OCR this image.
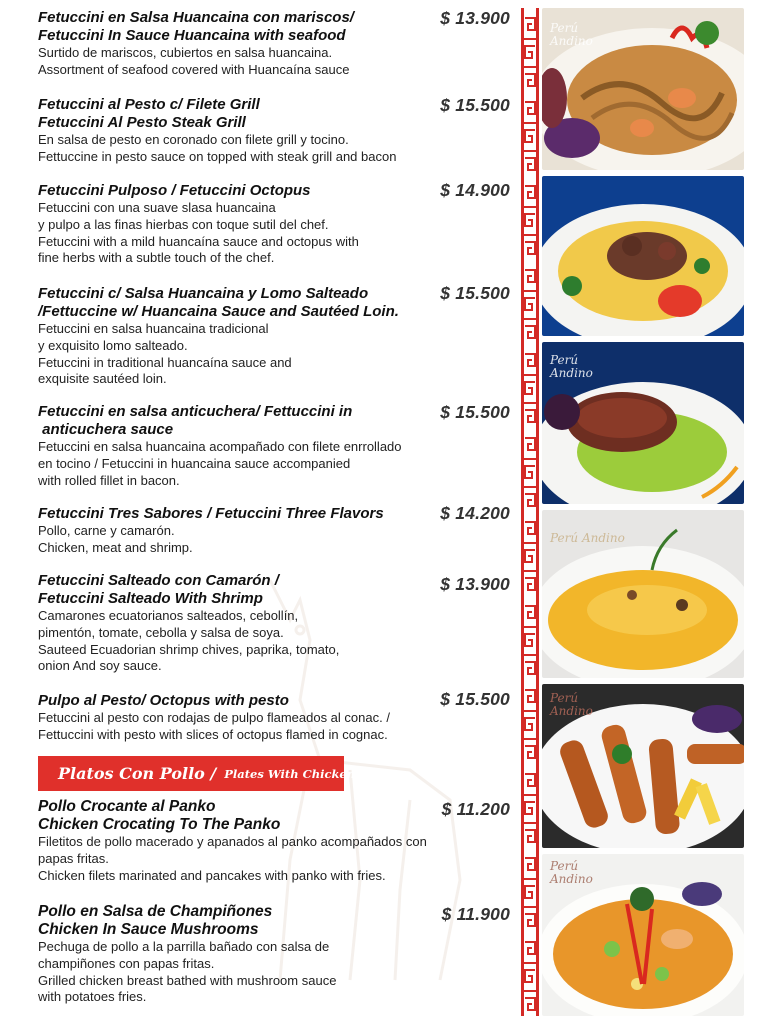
Fetuccini en Salsa Huancaina con mariscos/
Fetuccini In Sauce Huancaina with seafood

Surtido de mariscos, cubiertos en salsa huancaina.
Assortment of seafood covered with Huancaína sauce

$ 13.900

Fetuccini al Pesto c/ Filete Grill
Fetuccini Al Pesto Steak Grill

En salsa de pesto en coronado con filete grill y tocino.
Fettuccine in pesto sauce on topped with steak grill and bacon

$ 15.500

Fetuccini Pulposo / Fetuccini Octopus

Fetuccini con una suave slasa huancaina
y pulpo a las finas hierbas con toque sutil del chef.
Fetuccini with a mild huancaína sauce and octopus with
fine herbs with a subtle touch of the chef.

$ 14.900

Fetuccini c/ Salsa Huancaina y Lomo Salteado
/Fettuccine w/ Huancaina Sauce and Sautéed Loin.

Fetuccini en salsa huancaina tradicional
y exquisito lomo salteado.
Fetuccini in traditional huancaína sauce and
exquisite sautéed loin.

$ 15.500

Fetuccini en salsa anticuchera/ Fettuccini in
anticuchera sauce

Fetuccini en salsa huancaina acompañado con filete enrrollado
en tocino / Fetuccini in huancaina sauce accompanied
with rolled fillet in bacon.

$ 15.500

Fetuccini Tres Sabores / Fetuccini Three Flavors

Pollo, carne y camarón.
Chicken, meat and shrimp.

$ 14.200

Fetuccini Salteado con Camarón /
Fetuccini Salteado With Shrimp

Camarones ecuatorianos salteados, cebollín,
pimentón, tomate, cebolla y salsa de soya.
Sauteed Ecuadorian shrimp chives, paprika, tomato,
onion And soy sauce.

$ 13.900

Pulpo al Pesto/ Octopus with pesto

Fetuccini al pesto con rodajas de pulpo flameados al conac. /
Fettuccini with pesto with slices of octopus flamed in cognac.

$ 15.500
Platos Con Pollo / Plates With Chicken

Pollo Crocante al Panko
Chicken Crocating To The Panko

Filetitos de pollo macerado y apanados al panko acompañados con
papas fritas.
Chicken filets marinated and pancakes with panko with fries.

$ 11.200

Pollo en Salsa de Champiñones
Chicken In Sauce Mushrooms

Pechuga de pollo a la parrilla bañado con salsa de
champiñones con papas fritas.
Grilled chicken breast bathed with mushroom sauce
with potatoes fries.

$ 11.900
Perú
Andino
Perú
Andino
Perú Andino
Perú
Andino
Perú
Andino
